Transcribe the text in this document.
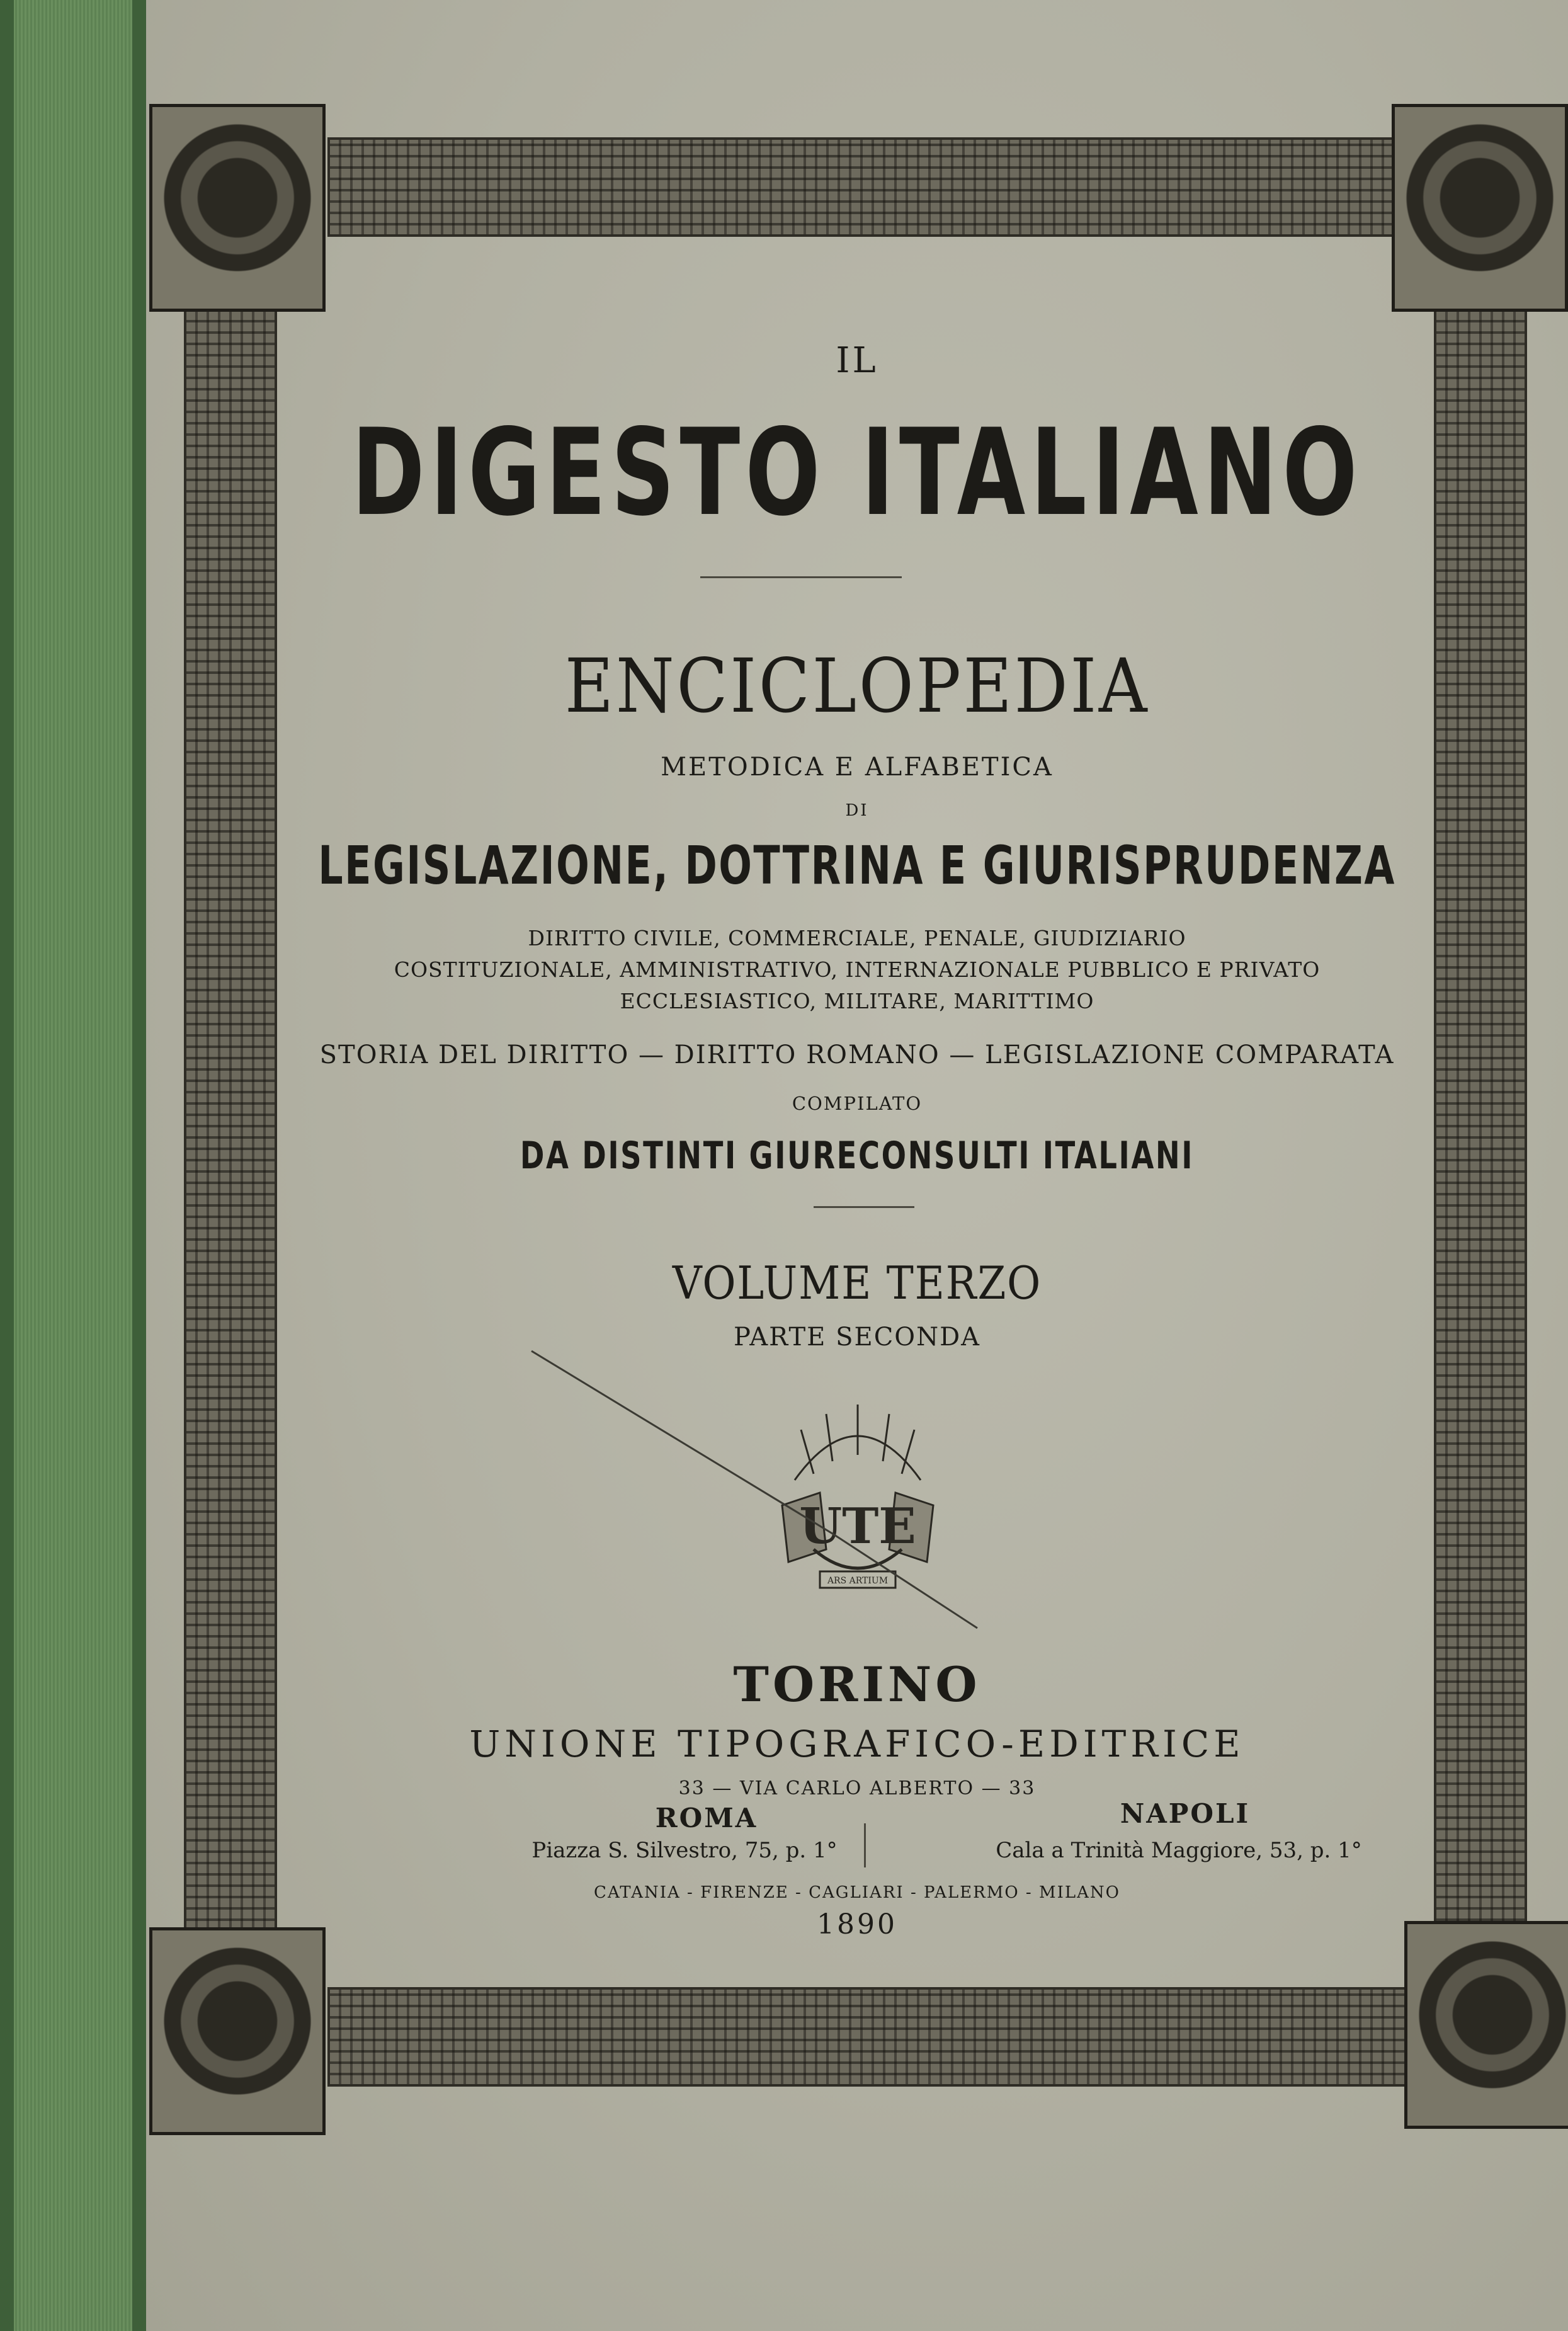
IL
DIGESTO ITALIANO
ENCICLOPEDIA
METODICA E ALFABETICA
DI
LEGISLAZIONE, DOTTRINA E GIURISPRUDENZA
DIRITTO CIVILE, COMMERCIALE, PENALE, GIUDIZIARIO
COSTITUZIONALE, AMMINISTRATIVO, INTERNAZIONALE PUBBLICO E PRIVATO
ECCLESIASTICO, MILITARE, MARITTIMO
STORIA DEL DIRITTO — DIRITTO ROMANO — LEGISLAZIONE COMPARATA
COMPILATO
DA DISTINTI GIURECONSULTI ITALIANI
VOLUME TERZO
PARTE SECONDA
UTE
ARS ARTIUM
TORINO
UNIONE TIPOGRAFICO-EDITRICE
33 — VIA CARLO ALBERTO — 33
ROMA	NAPOLI
Piazza S. Silvestro, 75, p. 1°	Cala a Trinità Maggiore, 53, p. 1°
CATANIA - FIRENZE - CAGLIARI - PALERMO - MILANO
1890
